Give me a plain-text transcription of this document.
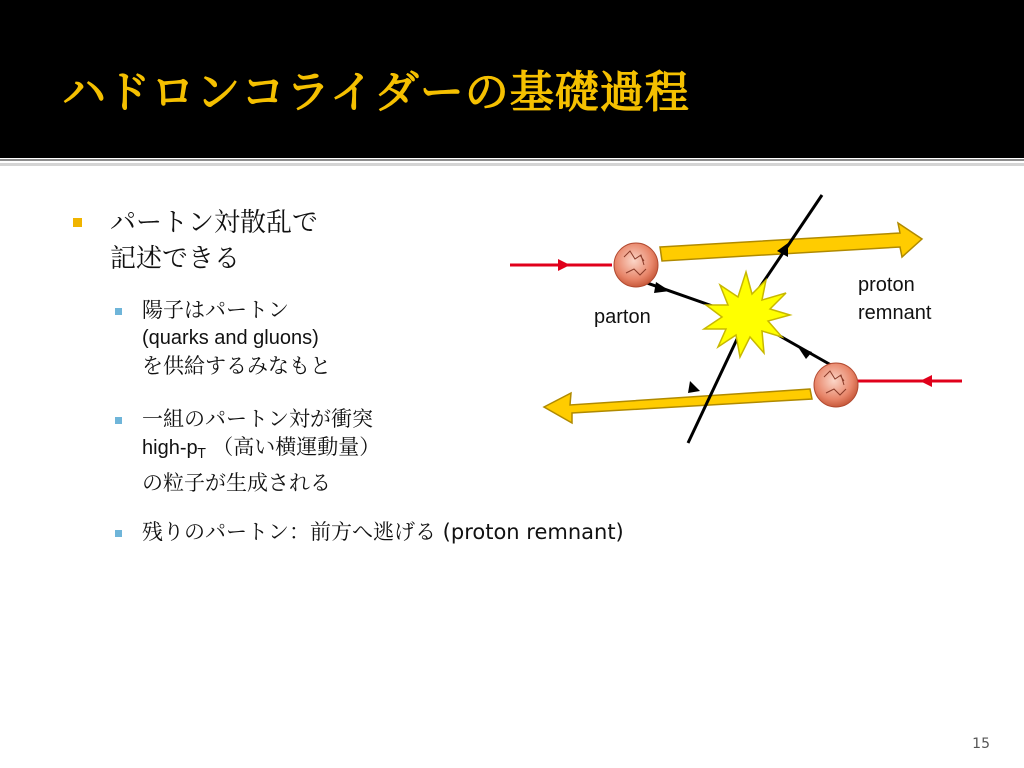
ハドロンコライダーの基礎過程
パートン対散乱で
記述できる
陽子はパートン
(quarks and gluons)
を供給するみなもと
一組のパートン対が衝突
high-$p_T$ （高い横運動量）
の粒子が生成される
残りのパートン：前方へ逃げる (proton remnant)
parton
proton
remnant
15
